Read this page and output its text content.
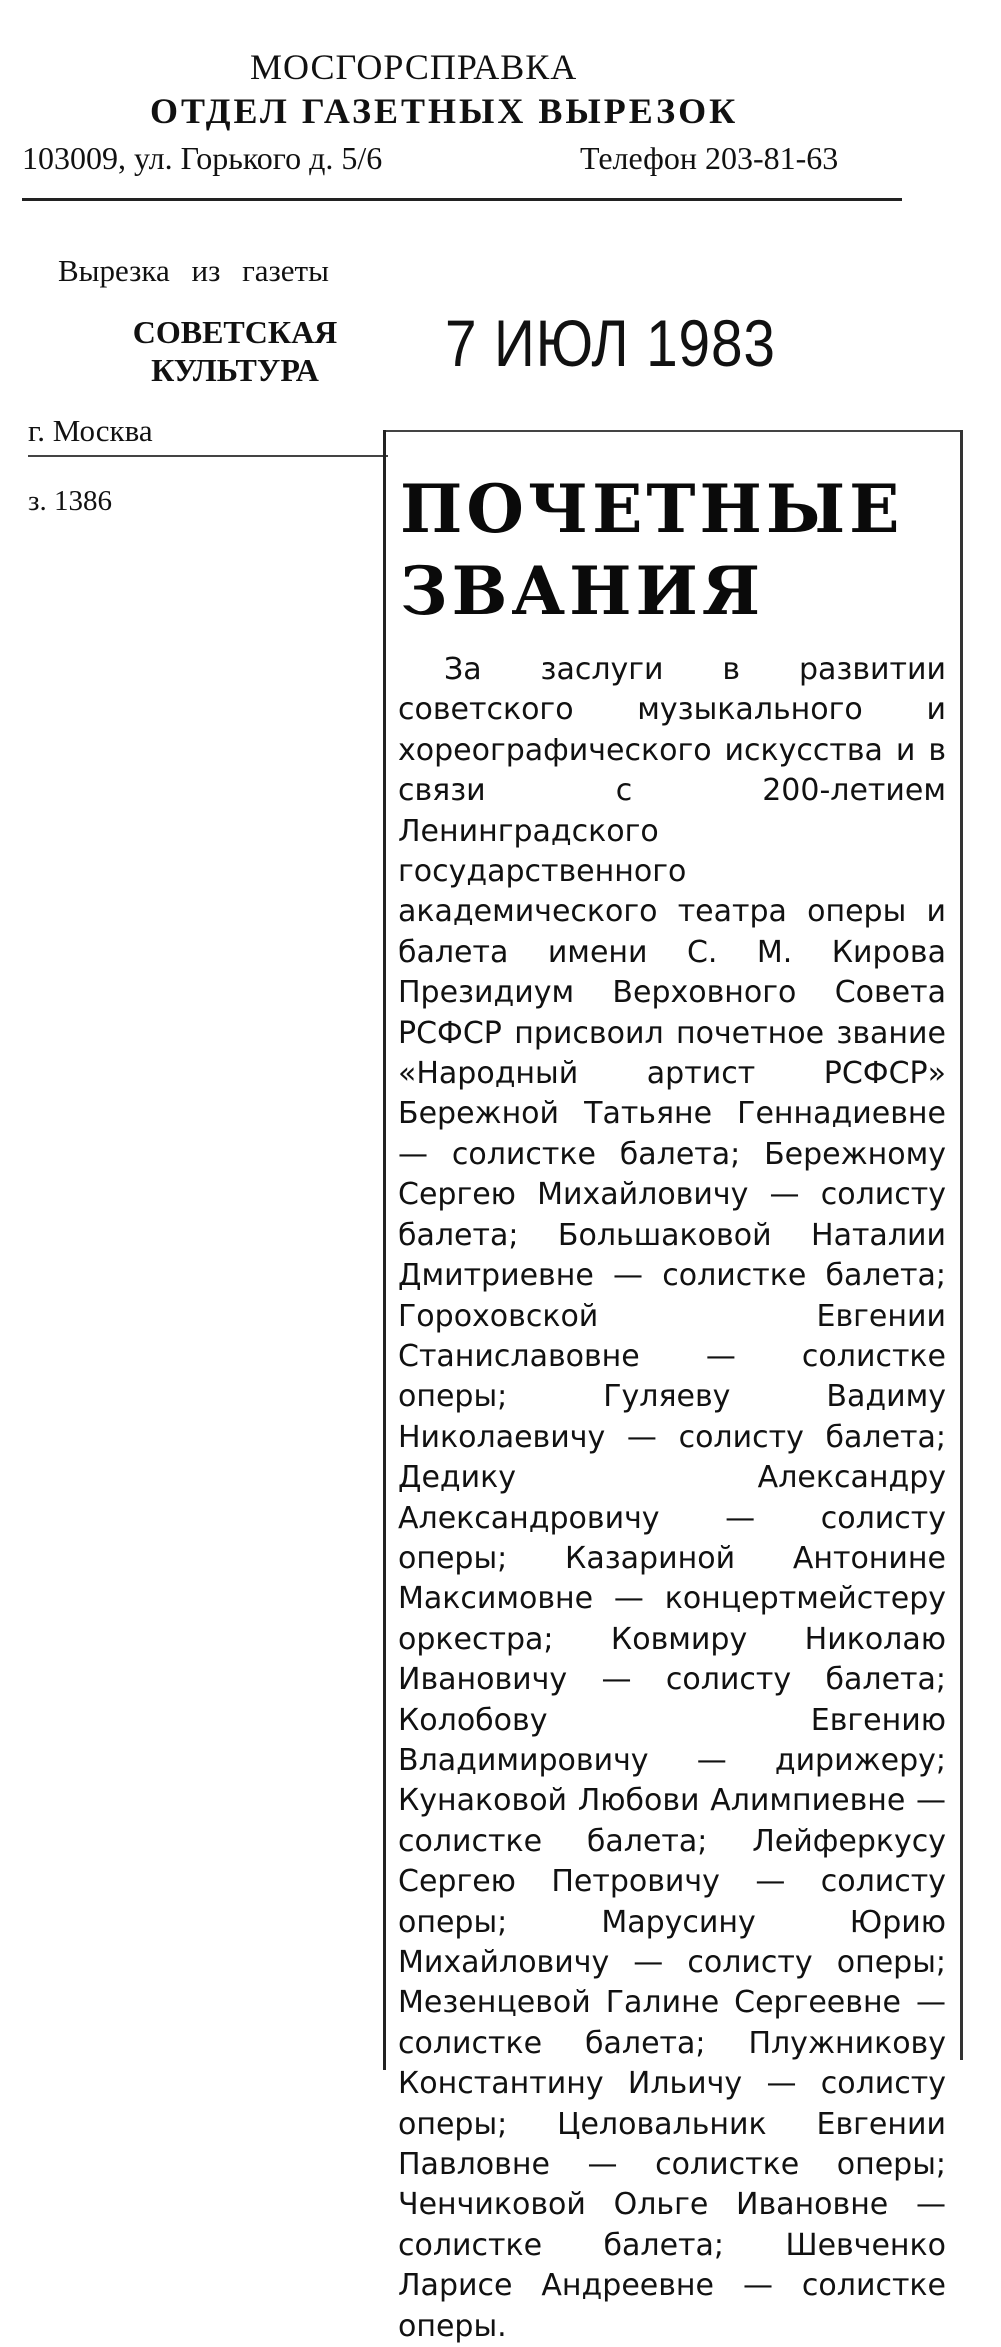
МОСГОРСПРАВКА
ОТДЕЛ ГАЗЕТНЫХ ВЫРЕЗОК
103009, ул. Горького д. 5/6	Телефон 203-81-63
Вырезка из газеты
СОВЕТСКАЯ
КУЛЬТУРА	7 ИЮЛ 1983
г. Москва
з. 1386	ПОЧЕТНЫЕ
ЗВАНИЯ

За заслуги в развитии советского музыкального и хореографического искусства и в связи с 200-летием Ленинградского государственного академического театра оперы и балета имени С. М. Кирова Президиум Верховного Совета РСФСР присвоил почетное звание «Народный артист РСФСР» Бережной Татьяне Геннадиевне — солистке балета; Бережному Сергею Михайловичу — солисту балета; Большаковой Наталии Дмитриевне — солистке балета; Гороховской Евгении Станиславовне — солистке оперы; Гуляеву Вадиму Николаевичу — солисту балета; Дедику Александру Александровичу — солисту оперы; Казариной Антонине Максимовне — концертмейстеру оркестра; Ковмиру Николаю Ивановичу — солисту балета; Колобову Евгению Владимировичу — дирижеру; Кунаковой Любови Алимпиевне — солистке балета; Лейферкусу Сергею Петровичу — солисту оперы; Марусину Юрию Михайловичу — солисту оперы; Мезенцевой Галине Сергеевне — солистке балета; Плужникову Константину Ильичу — солисту оперы; Целовальник Евгении Павловне — солистке оперы; Ченчиковой Ольге Ивановне — солистке балета; Шевченко Ларисе Андреевне — солистке оперы.
